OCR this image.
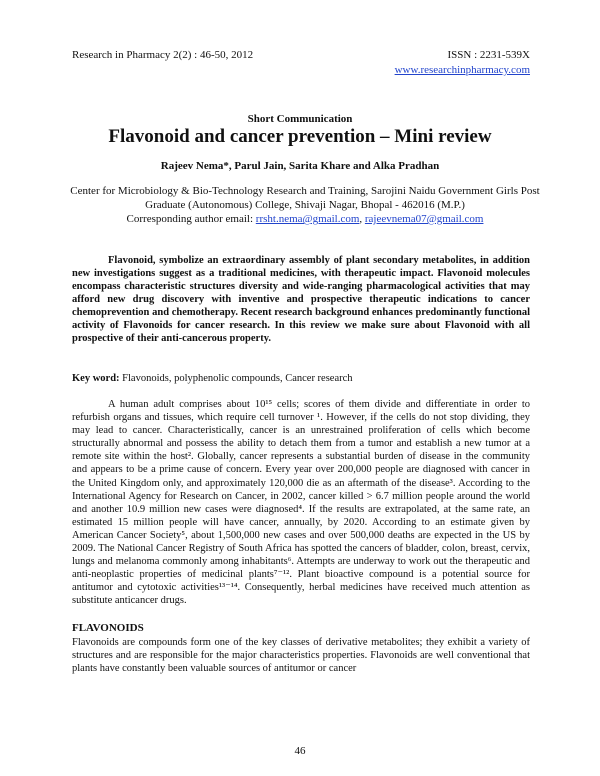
Research in Pharmacy 2(2) : 46-50, 2012	ISSN : 2231-539X
www.researchinpharmacy.com
Short Communication
Flavonoid and cancer prevention – Mini review
Rajeev Nema*, Parul Jain, Sarita Khare and Alka Pradhan
Center for Microbiology & Bio-Technology Research and Training, Sarojini Naidu Government Girls Post Graduate (Autonomous) College, Shivaji Nagar, Bhopal - 462016 (M.P.)
Corresponding author email: rrsht.nema@gmail.com, rajeevnema07@gmail.com
Flavonoid, symbolize an extraordinary assembly of plant secondary metabolites, in addition new investigations suggest as a traditional medicines, with therapeutic impact. Flavonoid molecules encompass characteristic structures diversity and wide-ranging pharmacological activities that may afford new drug discovery with inventive and prospective therapeutic indications to cancer chemoprevention and chemotherapy. Recent research background enhances predominantly functional activity of Flavonoids for cancer research. In this review we make sure about Flavonoid with all prospective of their anti-cancerous property.
Key word: Flavonoids, polyphenolic compounds, Cancer research
A human adult comprises about 10¹⁵ cells; scores of them divide and differentiate in order to refurbish organs and tissues, which require cell turnover ¹. However, if the cells do not stop dividing, they may lead to cancer. Characteristically, cancer is an unrestrained proliferation of cells which become structurally abnormal and possess the ability to detach them from a tumor and establish a new tumor at a remote site within the host². Globally, cancer represents a substantial burden of disease in the community and appears to be a prime cause of concern. Every year over 200,000 people are diagnosed with cancer in the United Kingdom only, and approximately 120,000 die as an aftermath of the disease³. According to the International Agency for Research on Cancer, in 2002, cancer killed > 6.7 million people around the world and another 10.9 million new cases were diagnosed⁴. If the results are extrapolated, at the same rate, an estimated 15 million people will have cancer, annually, by 2020. According to an estimate given by American Cancer Society⁵, about 1,500,000 new cases and over 500,000 deaths are expected in the US by 2009. The National Cancer Registry of South Africa has spotted the cancers of bladder, colon, breast, cervix, lungs and melanoma commonly among inhabitants⁶. Attempts are underway to work out the therapeutic and anti-neoplastic properties of medicinal plants⁷⁻¹². Plant bioactive compound is a potential source for antitumor and cytotoxic activities¹³⁻¹⁴. Consequently, herbal medicines have received much attention as substitute anticancer drugs.
FLAVONOIDS
Flavonoids are compounds form one of the key classes of derivative metabolites; they exhibit a variety of structures and are responsible for the major characteristics properties. Flavonoids are well conventional that plants have constantly been valuable sources of antitumor or cancer
46
